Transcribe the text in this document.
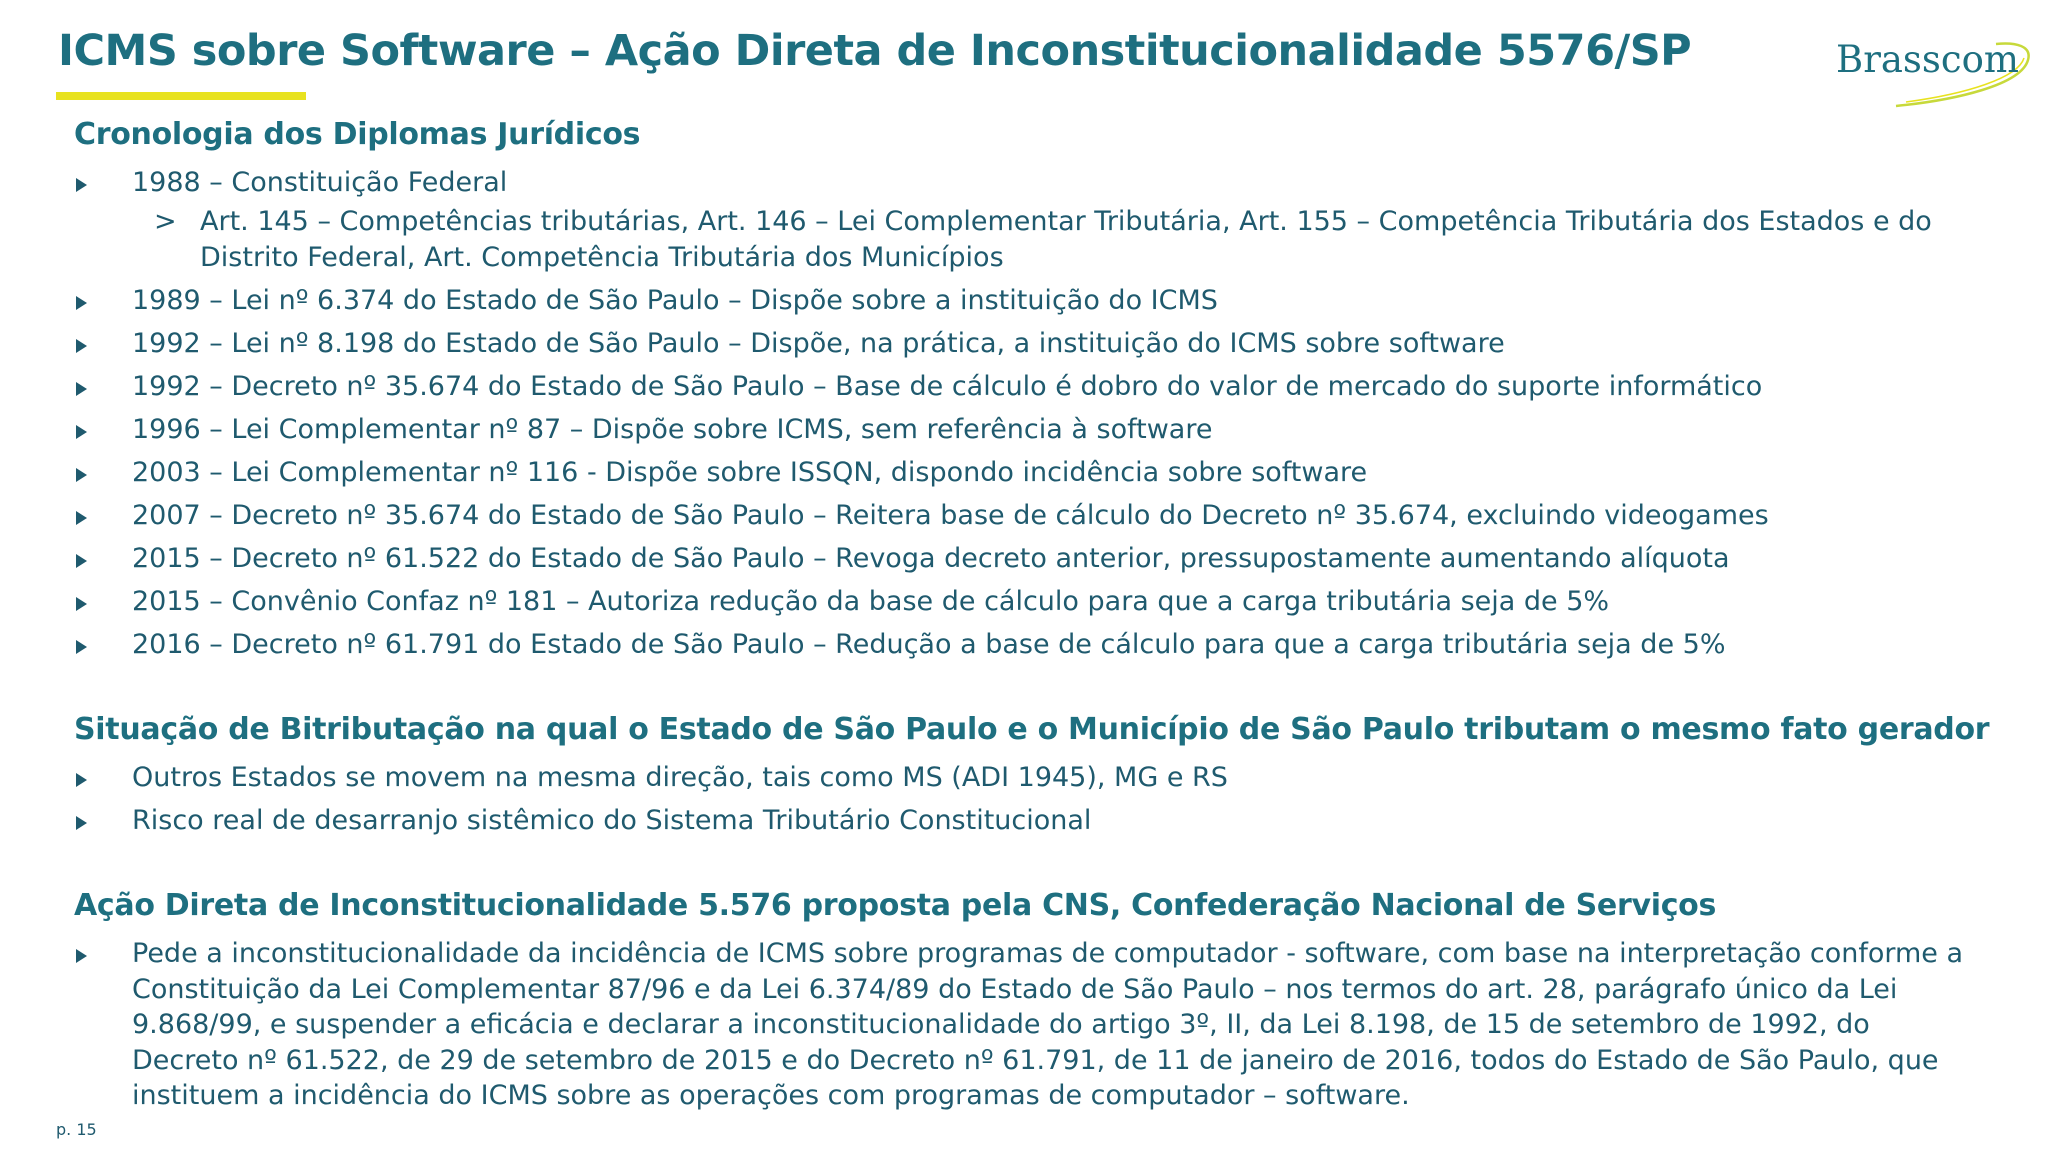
ICMS sobre Software – Ação Direta de Inconstitucionalidade 5576/SP	Brasscom
Cronologia dos Diplomas Jurídicos
1988 – Constituição Federal
> Art. 145 – Competências tributárias, Art. 146 – Lei Complementar Tributária, Art. 155 – Competência Tributária dos Estados e do Distrito Federal, Art. Competência Tributária dos Municípios
1989 – Lei nº 6.374 do Estado de São Paulo – Dispõe sobre a instituição do ICMS
1992 – Lei nº 8.198 do Estado de São Paulo – Dispõe, na prática, a instituição do ICMS sobre software
1992 – Decreto nº 35.674 do Estado de São Paulo – Base de cálculo é dobro do valor de mercado do suporte informático
1996 – Lei Complementar nº 87 – Dispõe sobre ICMS, sem referência à software
2003 – Lei Complementar nº 116 - Dispõe sobre ISSQN, dispondo incidência sobre software
2007 – Decreto nº 35.674 do Estado de São Paulo – Reitera base de cálculo do Decreto nº 35.674, excluindo videogames
2015 – Decreto nº 61.522 do Estado de São Paulo – Revoga decreto anterior, pressupostamente aumentando alíquota
2015 – Convênio Confaz nº 181 – Autoriza redução da base de cálculo para que a carga tributária seja de 5%
2016 – Decreto nº 61.791 do Estado de São Paulo – Redução a base de cálculo para que a carga tributária seja de 5%
Situação de Bitributação na qual o Estado de São Paulo e o Município de São Paulo tributam o mesmo fato gerador
Outros Estados se movem na mesma direção, tais como MS (ADI 1945), MG e RS
Risco real de desarranjo sistêmico do Sistema Tributário Constitucional
Ação Direta de Inconstitucionalidade 5.576 proposta pela CNS, Confederação Nacional de Serviços
Pede a inconstitucionalidade da incidência de ICMS sobre programas de computador - software, com base na interpretação conforme a Constituição da Lei Complementar 87/96 e da Lei 6.374/89 do Estado de São Paulo – nos termos do art. 28, parágrafo único da Lei 9.868/99, e suspender a eficácia e declarar a inconstitucionalidade do artigo 3º, II, da Lei 8.198, de 15 de setembro de 1992, do Decreto nº 61.522, de 29 de setembro de 2015 e do Decreto nº 61.791, de 11 de janeiro de 2016, todos do Estado de São Paulo, que instituem a incidência do ICMS sobre as operações com programas de computador – software.
p. 15
